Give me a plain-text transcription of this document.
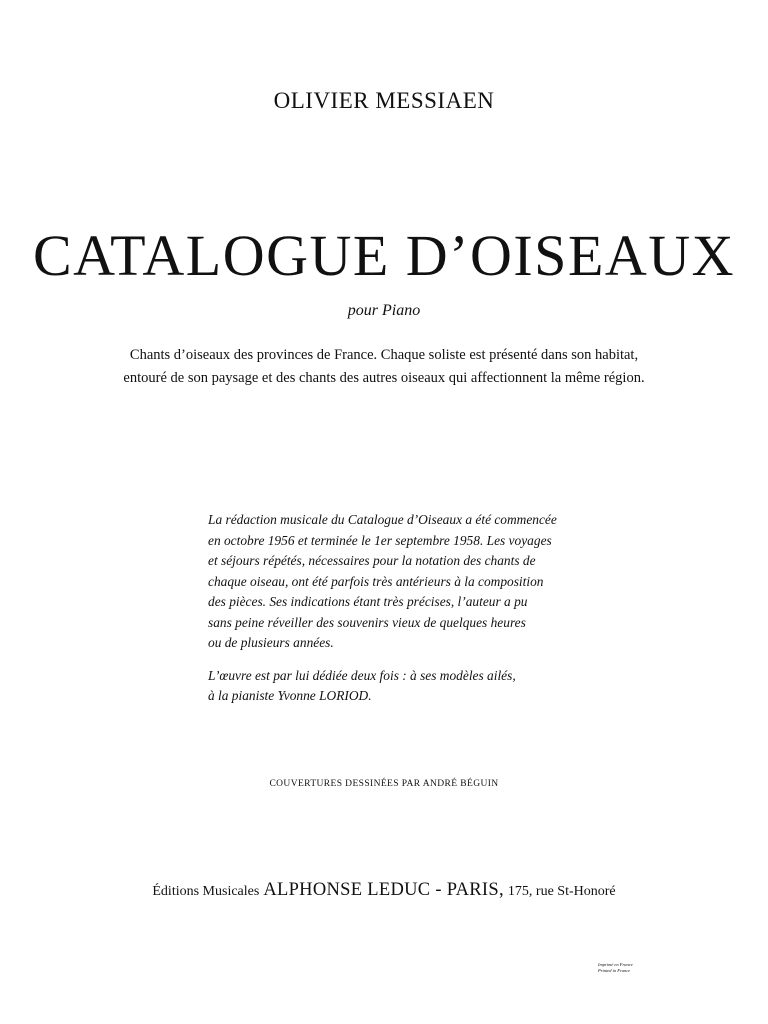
OLIVIER MESSIAEN
CATALOGUE D’OISEAUX
pour Piano
Chants d’oiseaux des provinces de France. Chaque soliste est présenté dans son habitat,
entouré de son paysage et des chants des autres oiseaux qui affectionnent la même région.

La rédaction musicale du Catalogue d’Oiseaux a été commencée
en octobre 1956 et terminée le 1er septembre 1958. Les voyages
et séjours répétés, nécessaires pour la notation des chants de
chaque oiseau, ont été parfois très antérieurs à la composition
des pièces. Ses indications étant très précises, l’auteur a pu
sans peine réveiller des souvenirs vieux de quelques heures
ou de plusieurs années.

L’œuvre est par lui dédiée deux fois : à ses modèles ailés,
à la pianiste Yvonne LORIOD.

COUVERTURES DESSINÉES PAR ANDRÉ BÉGUIN
Éditions Musicales ALPHONSE LEDUC - PARIS, 175, rue St-Honoré
Imprimé en France
Printed in France
